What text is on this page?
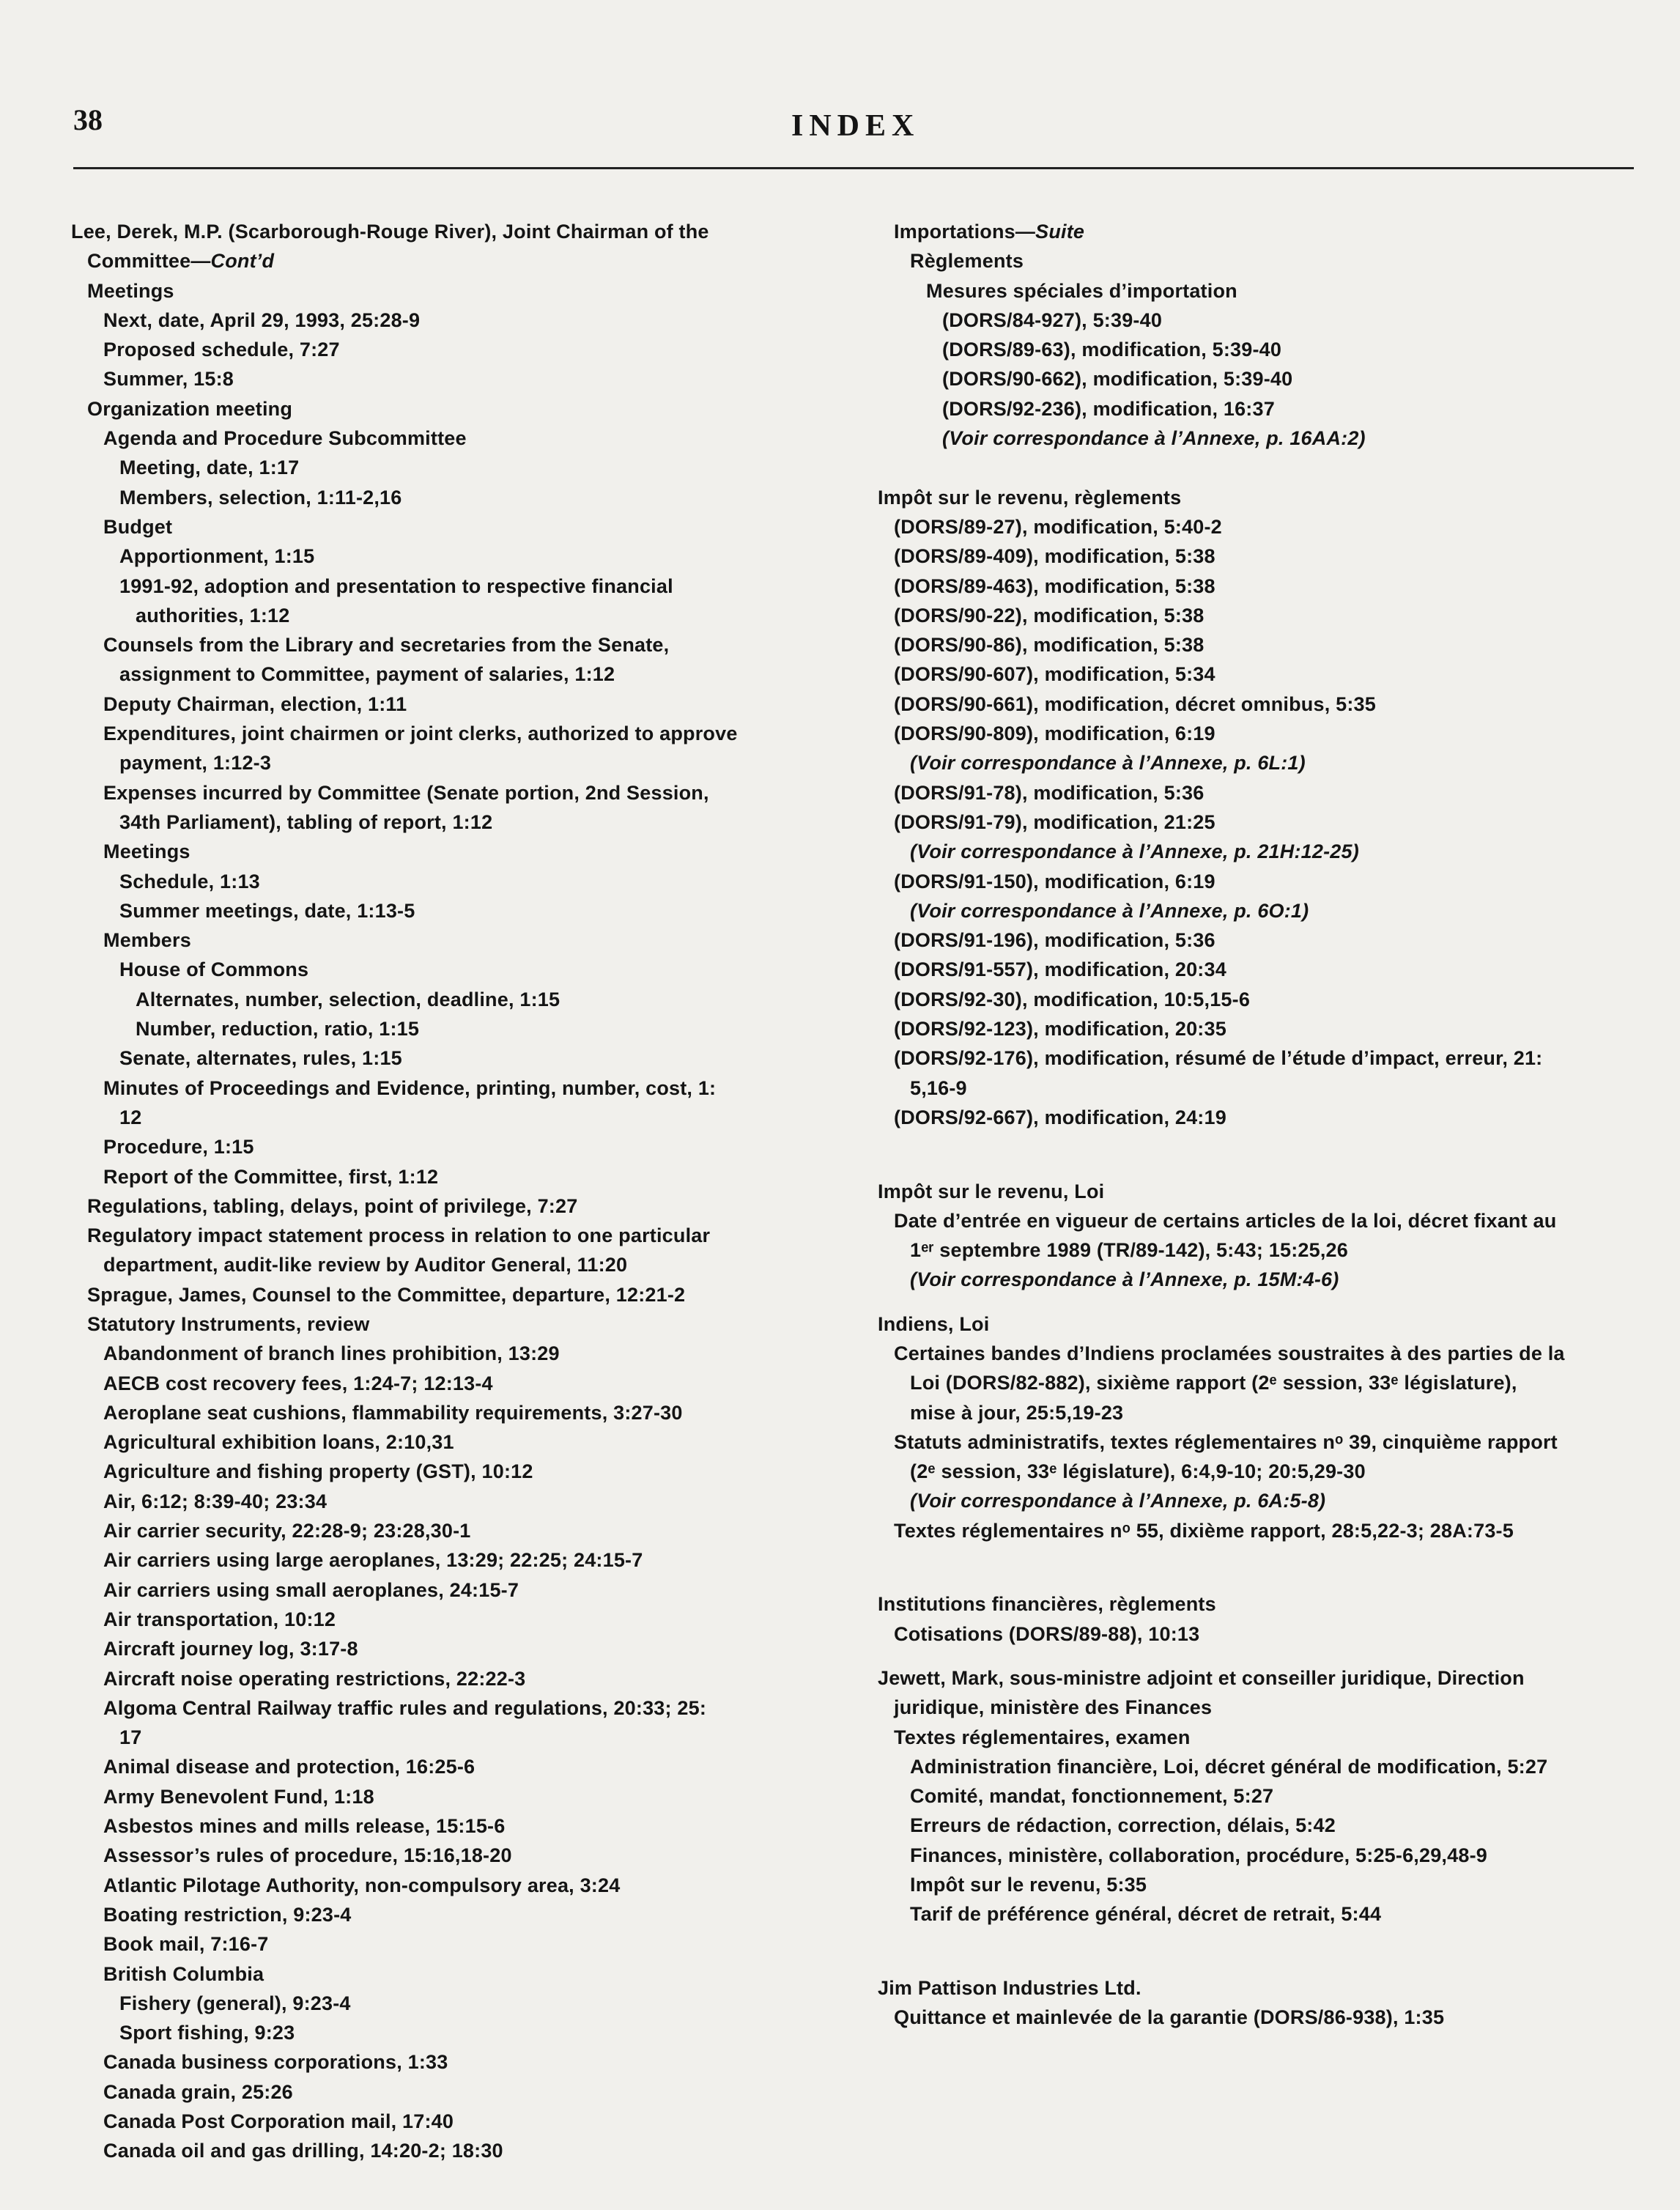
38	INDEX
Lee, Derek, M.P. (Scarborough-Rouge River), Joint Chairman of the
Committee—Cont’d
Meetings
Next, date, April 29, 1993, 25:28-9
Proposed schedule, 7:27
Summer, 15:8
Organization meeting
Agenda and Procedure Subcommittee
Meeting, date, 1:17
Members, selection, 1:11-2,16
Budget
Apportionment, 1:15
1991-92, adoption and presentation to respective financial
authorities, 1:12
Counsels from the Library and secretaries from the Senate,
assignment to Committee, payment of salaries, 1:12
Deputy Chairman, election, 1:11
Expenditures, joint chairmen or joint clerks, authorized to approve
payment, 1:12-3
Expenses incurred by Committee (Senate portion, 2nd Session,
34th Parliament), tabling of report, 1:12
Meetings
Schedule, 1:13
Summer meetings, date, 1:13-5
Members
House of Commons
Alternates, number, selection, deadline, 1:15
Number, reduction, ratio, 1:15
Senate, alternates, rules, 1:15
Minutes of Proceedings and Evidence, printing, number, cost, 1:
12
Procedure, 1:15
Report of the Committee, first, 1:12
Regulations, tabling, delays, point of privilege, 7:27
Regulatory impact statement process in relation to one particular
department, audit-like review by Auditor General, 11:20
Sprague, James, Counsel to the Committee, departure, 12:21-2
Statutory Instruments, review
Abandonment of branch lines prohibition, 13:29
AECB cost recovery fees, 1:24-7; 12:13-4
Aeroplane seat cushions, flammability requirements, 3:27-30
Agricultural exhibition loans, 2:10,31
Agriculture and fishing property (GST), 10:12
Air, 6:12; 8:39-40; 23:34
Air carrier security, 22:28-9; 23:28,30-1
Air carriers using large aeroplanes, 13:29; 22:25; 24:15-7
Air carriers using small aeroplanes, 24:15-7
Air transportation, 10:12
Aircraft journey log, 3:17-8
Aircraft noise operating restrictions, 22:22-3
Algoma Central Railway traffic rules and regulations, 20:33; 25:
17
Animal disease and protection, 16:25-6
Army Benevolent Fund, 1:18
Asbestos mines and mills release, 15:15-6
Assessor’s rules of procedure, 15:16,18-20
Atlantic Pilotage Authority, non-compulsory area, 3:24
Boating restriction, 9:23-4
Book mail, 7:16-7
British Columbia
Fishery (general), 9:23-4
Sport fishing, 9:23
Canada business corporations, 1:33
Canada grain, 25:26
Canada Post Corporation mail, 17:40
Canada oil and gas drilling, 14:20-2; 18:30
Importations—Suite
Règlements
Mesures spéciales d’importation
(DORS/84-927), 5:39-40
(DORS/89-63), modification, 5:39-40
(DORS/90-662), modification, 5:39-40
(DORS/92-236), modification, 16:37
(Voir correspondance à l’Annexe, p. 16AA:2)
Impôt sur le revenu, règlements
(DORS/89-27), modification, 5:40-2
(DORS/89-409), modification, 5:38
(DORS/89-463), modification, 5:38
(DORS/90-22), modification, 5:38
(DORS/90-86), modification, 5:38
(DORS/90-607), modification, 5:34
(DORS/90-661), modification, décret omnibus, 5:35
(DORS/90-809), modification, 6:19
(Voir correspondance à l’Annexe, p. 6L:1)
(DORS/91-78), modification, 5:36
(DORS/91-79), modification, 21:25
(Voir correspondance à l’Annexe, p. 21H:12-25)
(DORS/91-150), modification, 6:19
(Voir correspondance à l’Annexe, p. 6O:1)
(DORS/91-196), modification, 5:36
(DORS/91-557), modification, 20:34
(DORS/92-30), modification, 10:5,15-6
(DORS/92-123), modification, 20:35
(DORS/92-176), modification, résumé de l’étude d’impact, erreur, 21:
5,16-9
(DORS/92-667), modification, 24:19
Impôt sur le revenu, Loi
Date d’entrée en vigueur de certains articles de la loi, décret fixant au
1ᵉʳ septembre 1989 (TR/89-142), 5:43; 15:25,26
(Voir correspondance à l’Annexe, p. 15M:4-6)
Indiens, Loi
Certaines bandes d’Indiens proclamées soustraites à des parties de la
Loi (DORS/82-882), sixième rapport (2ᵉ session, 33ᵉ législature),
mise à jour, 25:5,19-23
Statuts administratifs, textes réglementaires nᵒ 39, cinquième rapport
(2ᵉ session, 33ᵉ législature), 6:4,9-10; 20:5,29-30
(Voir correspondance à l’Annexe, p. 6A:5-8)
Textes réglementaires nᵒ 55, dixième rapport, 28:5,22-3; 28A:73-5
Institutions financières, règlements
Cotisations (DORS/89-88), 10:13
Jewett, Mark, sous-ministre adjoint et conseiller juridique, Direction
juridique, ministère des Finances
Textes réglementaires, examen
Administration financière, Loi, décret général de modification, 5:27
Comité, mandat, fonctionnement, 5:27
Erreurs de rédaction, correction, délais, 5:42
Finances, ministère, collaboration, procédure, 5:25-6,29,48-9
Impôt sur le revenu, 5:35
Tarif de préférence général, décret de retrait, 5:44
Jim Pattison Industries Ltd.
Quittance et mainlevée de la garantie (DORS/86-938), 1:35
